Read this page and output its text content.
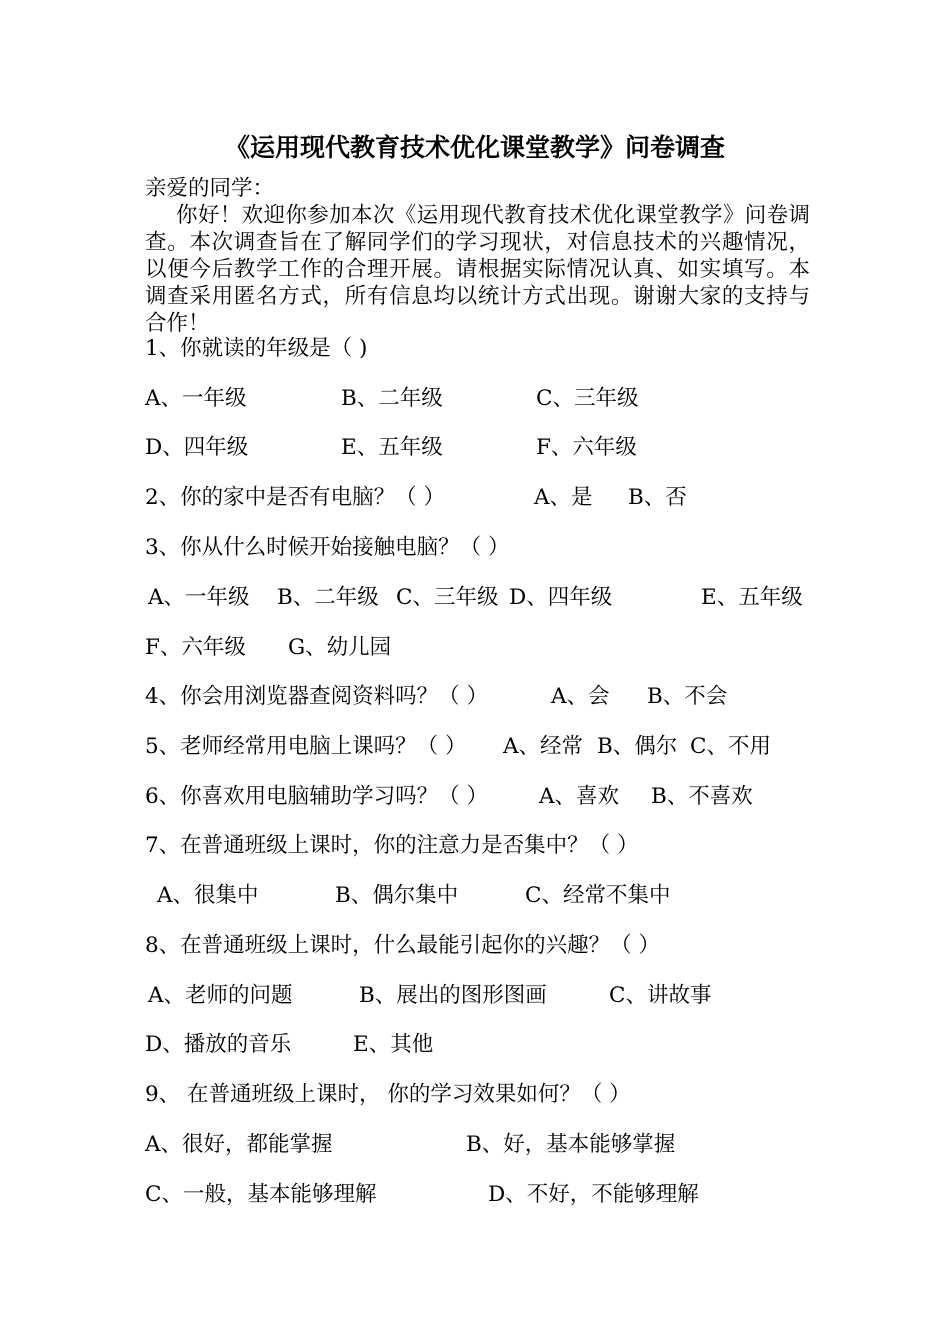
《运用现代教育技术优化课堂教学》问卷调查
亲爱的同学：
你好！欢迎你参加本次《运用现代教育技术优化课堂教学》问卷调查。本次调查旨在了解同学们的学习现状，对信息技术的兴趣情况，以便今后教学工作的合理开展。请根据实际情况认真、如实填写。本调查采用匿名方式，所有信息均以统计方式出现。谢谢大家的支持与合作！
1、你就读的年级是（ )
A、一年级	B、二年级	C、三年级
D、四年级	E、五年级	F、六年级
2、你的家中是否有电脑？（ ）	A、是 B、否
3、你从什么时候开始接触电脑？（ ）
A、一年级 B、二年级 C、三年级 D、四年级	E、五年级
F、六年级 G、幼儿园
4、你会用浏览器查阅资料吗？（ ）	A、会 B、不会
5、老师经常用电脑上课吗？（ ） A、经常 B、偶尔 C、不用
6、你喜欢用电脑辅助学习吗？（ ） A、喜欢 B、不喜欢
7、在普通班级上课时，你的注意力是否集中？（ ）
A、很集中	B、偶尔集中	C、经常不集中
8、在普通班级上课时，什么最能引起你的兴趣？（ ）
A、老师的问题	B、展出的图形图画	C、讲故事
D、播放的音乐	E、其他
9、 在普通班级上课时， 你的学习效果如何？（ ）
A、很好，都能掌握	B、好，基本能够掌握
C、一般，基本能够理解	D、不好，不能够理解
